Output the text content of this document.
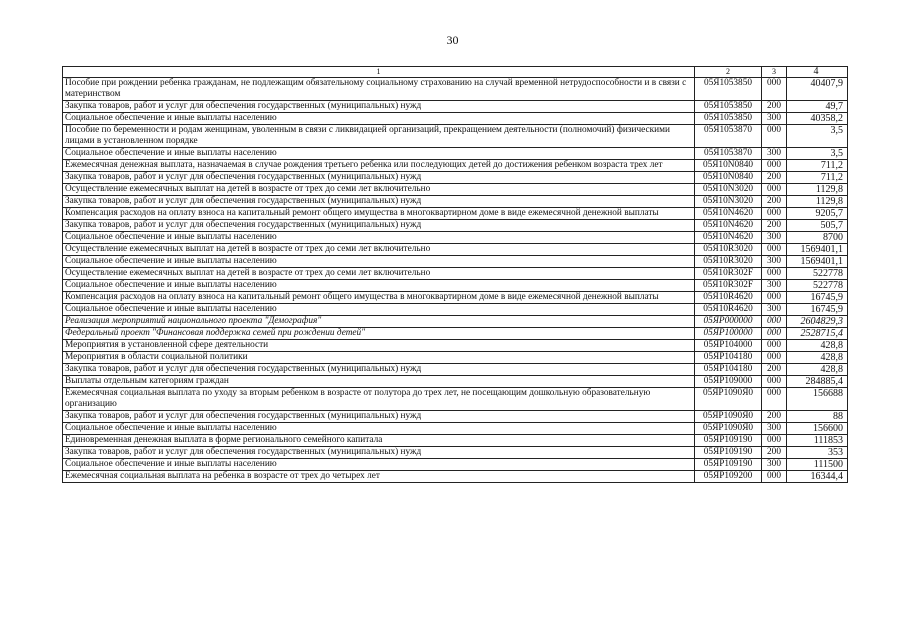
30
1	2	3	4
Пособие при рождении ребенка гражданам, не подлежащим обязательному социальному страхованию на случай временной нетрудоспособности и в связи с материнством	05Я1053850	000	40407,9
Закупка товаров, работ и услуг для обеспечения государственных (муниципальных) нужд	05Я1053850	200	49,7
Социальное обеспечение и иные выплаты населению	05Я1053850	300	40358,2
Пособие по беременности и родам женщинам, уволенным в связи с ликвидацией организаций, прекращением деятельности (полномочий) физическими лицами в установленном порядке	05Я1053870	000	3,5
Социальное обеспечение и иные выплаты населению	05Я1053870	300	3,5
Ежемесячная денежная выплата, назначаемая в случае рождения третьего ребенка или последующих детей до достижения ребенком возраста трех лет	05Я10N0840	000	711,2
Закупка товаров, работ и услуг для обеспечения государственных (муниципальных) нужд	05Я10N0840	200	711,2
Осуществление ежемесячных выплат на детей в возрасте от трех до семи лет включительно	05Я10N3020	000	1129,8
Закупка товаров, работ и услуг для обеспечения государственных (муниципальных) нужд	05Я10N3020	200	1129,8
Компенсация расходов на оплату взноса на капитальный ремонт общего имущества в многоквартирном доме в виде ежемесячной денежной выплаты	05Я10N4620	000	9205,7
Закупка товаров, работ и услуг для обеспечения государственных (муниципальных) нужд	05Я10N4620	200	505,7
Социальное обеспечение и иные выплаты населению	05Я10N4620	300	8700
Осуществление ежемесячных выплат на детей в возрасте от трех до семи лет включительно	05Я10R3020	000	1569401,1
Социальное обеспечение и иные выплаты населению	05Я10R3020	300	1569401,1
Осуществление ежемесячных выплат на детей в возрасте от трех до семи лет включительно	05Я10R302F	000	522778
Социальное обеспечение и иные выплаты населению	05Я10R302F	300	522778
Компенсация расходов на оплату взноса на капитальный ремонт общего имущества в многоквартирном доме в виде ежемесячной денежной выплаты	05Я10R4620	000	16745,9
Социальное обеспечение и иные выплаты населению	05Я10R4620	300	16745,9
Реализация мероприятий национального проекта "Демография"	05ЯР000000	000	2604829,3
Федеральный проект "Финансовая поддержка семей при рождении детей"	05ЯР100000	000	2528715,4
Мероприятия в установленной сфере деятельности	05ЯР104000	000	428,8
Мероприятия в области социальной политики	05ЯР104180	000	428,8
Закупка товаров, работ и услуг для обеспечения государственных (муниципальных) нужд	05ЯР104180	200	428,8
Выплаты отдельным категориям граждан	05ЯР109000	000	284885,4
Ежемесячная социальная выплата по уходу за вторым ребенком в возрасте от полутора до трех лет, не посещающим дошкольную образовательную организацию	05ЯР1090Я0	000	156688
Закупка товаров, работ и услуг для обеспечения государственных (муниципальных) нужд	05ЯР1090Я0	200	88
Социальное обеспечение и иные выплаты населению	05ЯР1090Я0	300	156600
Единовременная денежная выплата в форме регионального семейного капитала	05ЯР109190	000	111853
Закупка товаров, работ и услуг для обеспечения государственных (муниципальных) нужд	05ЯР109190	200	353
Социальное обеспечение и иные выплаты населению	05ЯР109190	300	111500
Ежемесячная социальная выплата на ребенка в возрасте от трех до четырех лет	05ЯР109200	000	16344,4
